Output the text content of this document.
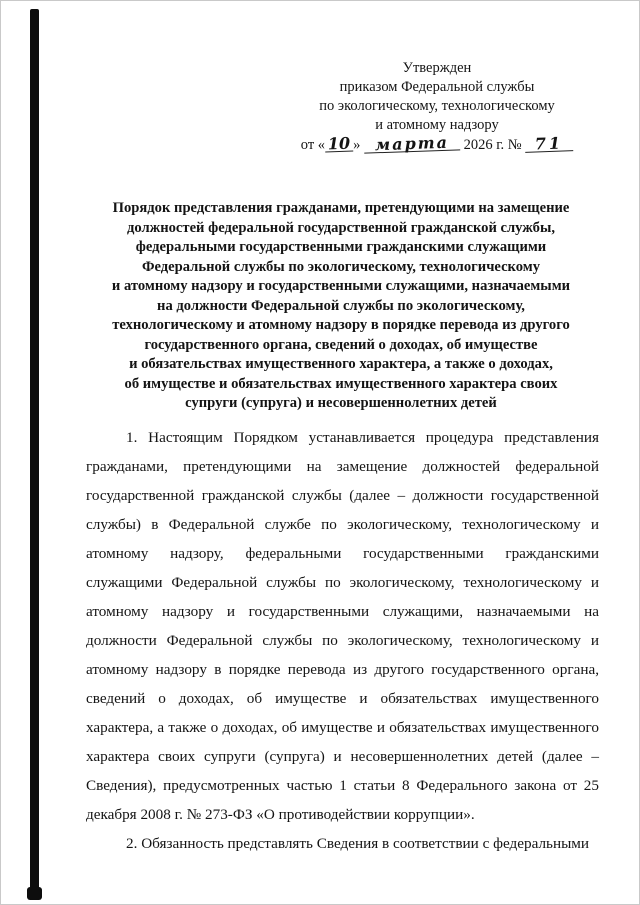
Утвержден
приказом Федеральной службы
по экологическому, технологическому
и атомному надзору
от « 10 » марта 2026 г. № 71
Порядок представления гражданами, претендующими на замещение
должностей федеральной государственной гражданской службы,
федеральными государственными гражданскими служащими
Федеральной службы по экологическому, технологическому
и атомному надзору и государственными служащими, назначаемыми
на должности Федеральной службы по экологическому,
технологическому и атомному надзору в порядке перевода из другого
государственного органа, сведений о доходах, об имуществе
и обязательствах имущественного характера, а также о доходах,
об имуществе и обязательствах имущественного характера своих
супруги (супруга) и несовершеннолетних детей

1. Настоящим Порядком устанавливается процедура представления гражданами, претендующими на замещение должностей федеральной государственной гражданской службы (далее – должности государственной службы) в Федеральной службе по экологическому, технологическому и атомному надзору, федеральными государственными гражданскими служащими Федеральной службы по экологическому, технологическому и атомному надзору и государственными служащими, назначаемыми на должности Федеральной службы по экологическому, технологическому и атомному надзору в порядке перевода из другого государственного органа, сведений о доходах, об имуществе и обязательствах имущественного характера, а также о доходах, об имуществе и обязательствах имущественного характера своих супруги (супруга) и несовершеннолетних детей (далее – Сведения), предусмотренных частью 1 статьи 8 Федерального закона от 25 декабря 2008 г. № 273-ФЗ «О противодействии коррупции».

2. Обязанность представлять Сведения в соответствии с федеральными
